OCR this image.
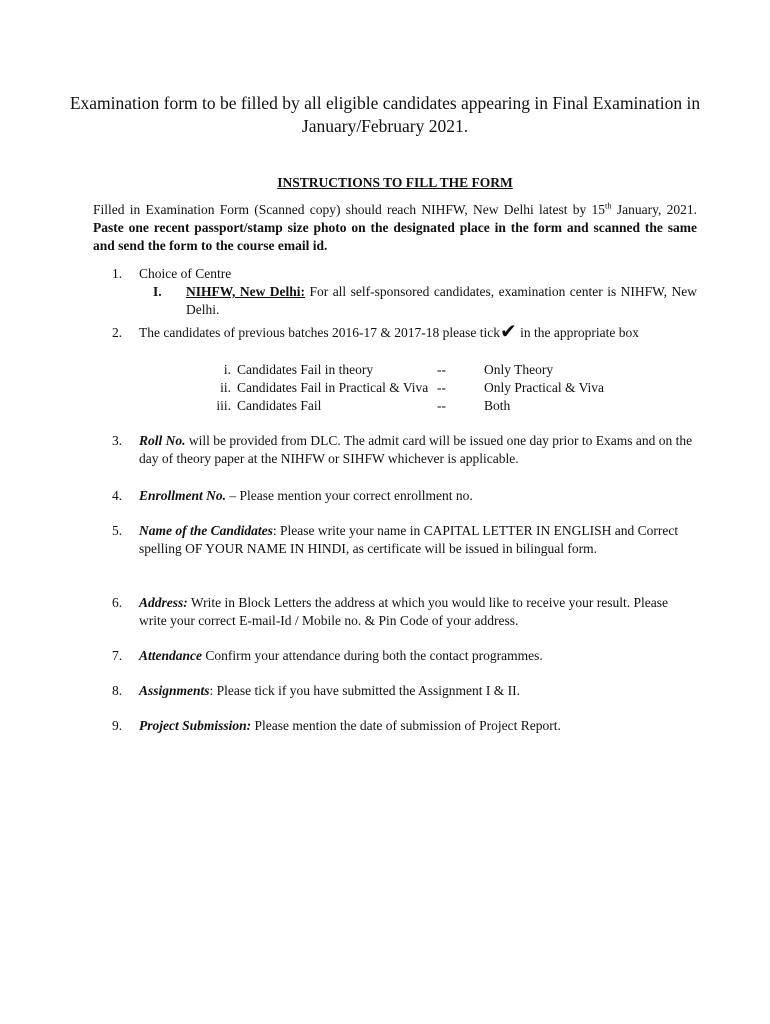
Examination form to be filled by all eligible candidates appearing in Final Examination in January/February 2021.
INSTRUCTIONS TO FILL THE FORM
Filled in Examination Form (Scanned copy) should reach NIHFW, New Delhi latest by 15th January, 2021. Paste one recent passport/stamp size photo on the designated place in the form and scanned the same and send the form to the course email id.
1.	Choice of Centre
I. NIHFW, New Delhi: For all self-sponsored candidates, examination center is NIHFW, New Delhi.
2.	The candidates of previous batches 2016-17 & 2017-18 please tick✔ in the appropriate box
i. Candidates Fail in theory	--	Only Theory
ii. Candidates Fail in Practical & Viva --	Only Practical & Viva
iii. Candidates Fail	--	Both
3.	Roll No. will be provided from DLC. The admit card will be issued one day prior to Exams and on the day of theory paper at the NIHFW or SIHFW whichever is applicable.
4.	Enrollment No. – Please mention your correct enrollment no.
5.	Name of the Candidates: Please write your name in CAPITAL LETTER IN ENGLISH and Correct spelling OF YOUR NAME IN HINDI, as certificate will be issued in bilingual form.
6.	Address: Write in Block Letters the address at which you would like to receive your result. Please write your correct E-mail-Id / Mobile no. & Pin Code of your address.
7.	Attendance Confirm your attendance during both the contact programmes.
8.	Assignments: Please tick if you have submitted the Assignment I & II.
9.	Project Submission: Please mention the date of submission of Project Report.
